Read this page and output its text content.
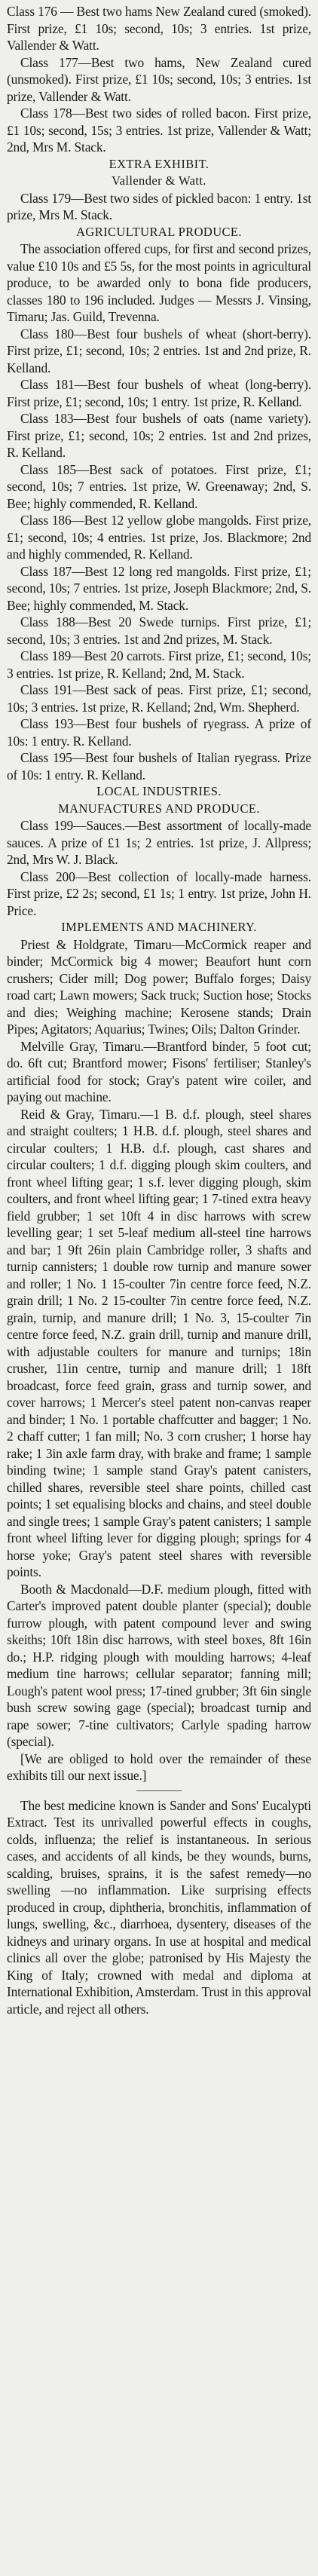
Class 176 — Best two hams New Zealand cured (smoked). First prize, £1 10s; second, 10s; 3 entries. 1st prize, Vallender & Watt.

Class 177—Best two hams, New Zealand cured (unsmoked). First prize, £1 10s; second, 10s; 3 entries. 1st prize, Vallender & Watt.

Class 178—Best two sides of rolled bacon. First prize, £1 10s; second, 15s; 3 entries. 1st prize, Vallender & Watt; 2nd, Mrs M. Stack.

EXTRA EXHIBIT.
Vallender & Watt.

Class 179—Best two sides of pickled bacon: 1 entry. 1st prize, Mrs M. Stack.

AGRICULTURAL PRODUCE.

The association offered cups, for first and second prizes, value £10 10s and £5 5s, for the most points in agricultural produce, to be awarded only to bona fide producers, classes 180 to 196 included. Judges — Messrs J. Vinsing, Timaru; Jas. Guild, Trevenna.

Class 180—Best four bushels of wheat (short-berry). First prize, £1; second, 10s; 2 entries. 1st and 2nd prize, R. Kelland.

Class 181—Best four bushels of wheat (long-berry). First prize, £1; second, 10s; 1 entry. 1st prize, R. Kelland.

Class 183—Best four bushels of oats (name variety). First prize, £1; second, 10s; 2 entries. 1st and 2nd prizes, R. Kelland.

Class 185—Best sack of potatoes. First prize, £1; second, 10s; 7 entries. 1st prize, W. Greenaway; 2nd, S. Bee; highly commended, R. Kelland.

Class 186—Best 12 yellow globe mangolds. First prize, £1; second, 10s; 4 entries. 1st prize, Jos. Blackmore; 2nd and highly commended, R. Kelland.

Class 187—Best 12 long red mangolds. First prize, £1; second, 10s; 7 entries. 1st prize, Joseph Blackmore; 2nd, S. Bee; highly commended, M. Stack.

Class 188—Best 20 Swede turnips. First prize, £1; second, 10s; 3 entries. 1st and 2nd prizes, M. Stack.

Class 189—Best 20 carrots. First prize, £1; second, 10s; 3 entries. 1st prize, R. Kelland; 2nd, M. Stack.

Class 191—Best sack of peas. First prize, £1; second, 10s; 3 entries. 1st prize, R. Kelland; 2nd, Wm. Shepherd.

Class 193—Best four bushels of ryegrass. A prize of 10s: 1 entry. R. Kelland.

Class 195—Best four bushels of Italian ryegrass. Prize of 10s: 1 entry. R. Kelland.

LOCAL INDUSTRIES.
MANUFACTURES AND PRODUCE.

Class 199—Sauces.—Best assortment of locally-made sauces. A prize of £1 1s; 2 entries. 1st prize, J. Allpress; 2nd, Mrs W. J. Black.

Class 200—Best collection of locally-made harness. First prize, £2 2s; second, £1 1s; 1 entry. 1st prize, John H. Price.

IMPLEMENTS AND MACHINERY.

Priest & Holdgrate, Timaru—McCormick reaper and binder; McCormick big 4 mower; Beaufort hunt corn crushers; Cider mill; Dog power; Buffalo forges; Daisy road cart; Lawn mowers; Sack truck; Suction hose; Stocks and dies; Weighing machine; Kerosene stands; Drain Pipes; Agitators; Aquarius; Twines; Oils; Dalton Grinder.

Melville Gray, Timaru.—Brantford binder, 5 foot cut; do. 6ft cut; Brantford mower; Fisons' fertiliser; Stanley's artificial food for stock; Gray's patent wire coiler, and paying out machine.

Reid & Gray, Timaru.—1 B. d.f. plough, steel shares and straight coulters; 1 H.B. d.f. plough, steel shares and circular coulters; 1 H.B. d.f. plough, cast shares and circular coulters; 1 d.f. digging plough skim coulters, and front wheel lifting gear; 1 s.f. lever digging plough, skim coulters, and front wheel lifting gear; 1 7-tined extra heavy field grubber; 1 set 10ft 4 in disc harrows with screw levelling gear; 1 set 5-leaf medium all-steel tine harrows and bar; 1 9ft 26in plain Cambridge roller, 3 shafts and turnip cannisters; 1 double row turnip and manure sower and roller; 1 No. 1 15-coulter 7in centre force feed, N.Z. grain drill; 1 No. 2 15-coulter 7in centre force feed, N.Z. grain, turnip, and manure drill; 1 No. 3, 15-coulter 7in centre force feed, N.Z. grain drill, turnip and manure drill, with adjustable coulters for manure and turnips; 18in crusher, 11in centre, turnip and manure drill; 1 18ft broadcast, force feed grain, grass and turnip sower, and cover harrows; 1 Mercer's steel patent non-canvas reaper and binder; 1 No. 1 portable chaffcutter and bagger; 1 No. 2 chaff cutter; 1 fan mill; No. 3 corn crusher; 1 horse hay rake; 1 3in axle farm dray, with brake and frame; 1 sample binding twine; 1 sample stand Gray's patent canisters, chilled shares, reversible steel share points, chilled cast points; 1 set equalising blocks and chains, and steel double and single trees; 1 sample Gray's patent canisters; 1 sample front wheel lifting lever for digging plough; springs for 4 horse yoke; Gray's patent steel shares with reversible points.

Booth & Macdonald—D.F. medium plough, fitted with Carter's improved patent double planter (special); double furrow plough, with patent compound lever and swing skeiths; 10ft 18in disc harrows, with steel boxes, 8ft 16in do.; H.P. ridging plough with moulding harrows; 4-leaf medium tine harrows; cellular separator; fanning mill; Lough's patent wool press; 17-tined grubber; 3ft 6in single bush screw sowing gage (special); broadcast turnip and rape sower; 7-tine cultivators; Carlyle spading harrow (special).

[We are obliged to hold over the remainder of these exhibits till our next issue.]

The best medicine known is Sander and Sons' Eucalypti Extract. Test its unrivalled powerful effects in coughs, colds, influenza; the relief is instantaneous. In serious cases, and accidents of all kinds, be they wounds, burns, scalding, bruises, sprains, it is the safest remedy—no swelling —no inflammation. Like surprising effects produced in croup, diphtheria, bronchitis, inflammation of lungs, swelling, &c., diarrhoea, dysentery, diseases of the kidneys and urinary organs. In use at hospital and medical clinics all over the globe; patronised by His Majesty the King of Italy; crowned with medal and diploma at International Exhibition, Amsterdam. Trust in this approval article, and reject all others.
